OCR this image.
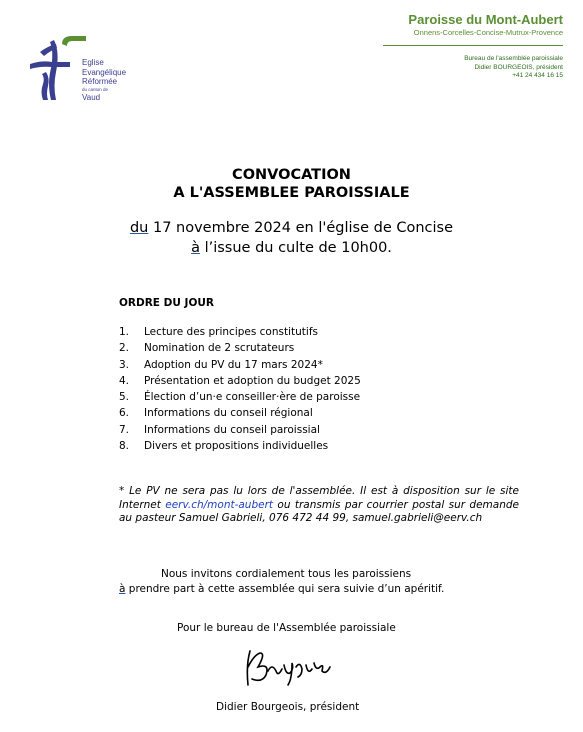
Eglise
Evangélique
Réformée
du canton de
Vaud
Paroisse du Mont-Aubert
Onnens-Corcelles-Concise-Mutrux-Provence
Bureau de l'assemblée paroissiale
Didier BOURGEOIS, président
+41 24 434 16 15
CONVOCATION
A L'ASSEMBLEE PAROISSIALE
du 17 novembre 2024 en l'église de Concise
à l’issue du culte de 10h00.
ORDRE DU JOUR
1. Lecture des principes constitutifs
2. Nomination de 2 scrutateurs
3. Adoption du PV du 17 mars 2024*
4. Présentation et adoption du budget 2025
5. Élection d’un·e conseiller·ère de paroisse
6. Informations du conseil régional
7. Informations du conseil paroissial
8. Divers et propositions individuelles
* Le PV ne sera pas lu lors de l'assemblée. Il est à disposition sur le site Internet eerv.ch/mont-aubert ou transmis par courrier postal sur demande au pasteur Samuel Gabrieli, 076 472 44 99, samuel.gabrieli@eerv.ch
Nous invitons cordialement tous les paroissiens
à prendre part à cette assemblée qui sera suivie d’un apéritif.
Pour le bureau de l'Assemblée paroissiale
Didier Bourgeois, président
